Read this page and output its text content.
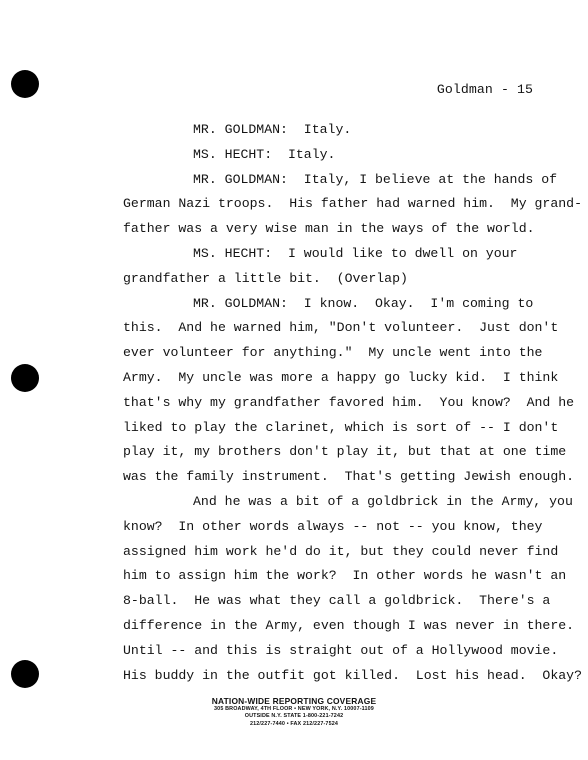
Goldman - 15
MR. GOLDMAN:  Italy.
MS. HECHT:  Italy.
MR. GOLDMAN:  Italy, I believe at the hands of
German Nazi troops.  His father had warned him.  My grand-
father was a very wise man in the ways of the world.
MS. HECHT:  I would like to dwell on your
grandfather a little bit.  (Overlap)
MR. GOLDMAN:  I know.  Okay.  I'm coming to
this.  And he warned him, "Don't volunteer.  Just don't
ever volunteer for anything."  My uncle went into the
Army.  My uncle was more a happy go lucky kid.  I think
that's why my grandfather favored him.  You know?  And he
liked to play the clarinet, which is sort of -- I don't
play it, my brothers don't play it, but that at one time
was the family instrument.  That's getting Jewish enough.
And he was a bit of a goldbrick in the Army, you
know?  In other words always -- not -- you know, they
assigned him work he'd do it, but they could never find
him to assign him the work?  In other words he wasn't an
8-ball.  He was what they call a goldbrick.  There's a
difference in the Army, even though I was never in there.
Until -- and this is straight out of a Hollywood movie.
His buddy in the outfit got killed.  Lost his head.  Okay?
NATION-WIDE REPORTING COVERAGE
305 BROADWAY, 4TH FLOOR • NEW YORK, N.Y. 10007-1109
OUTSIDE N.Y. STATE 1-800-221-7242
212/227-7440 • FAX 212/227-7524
